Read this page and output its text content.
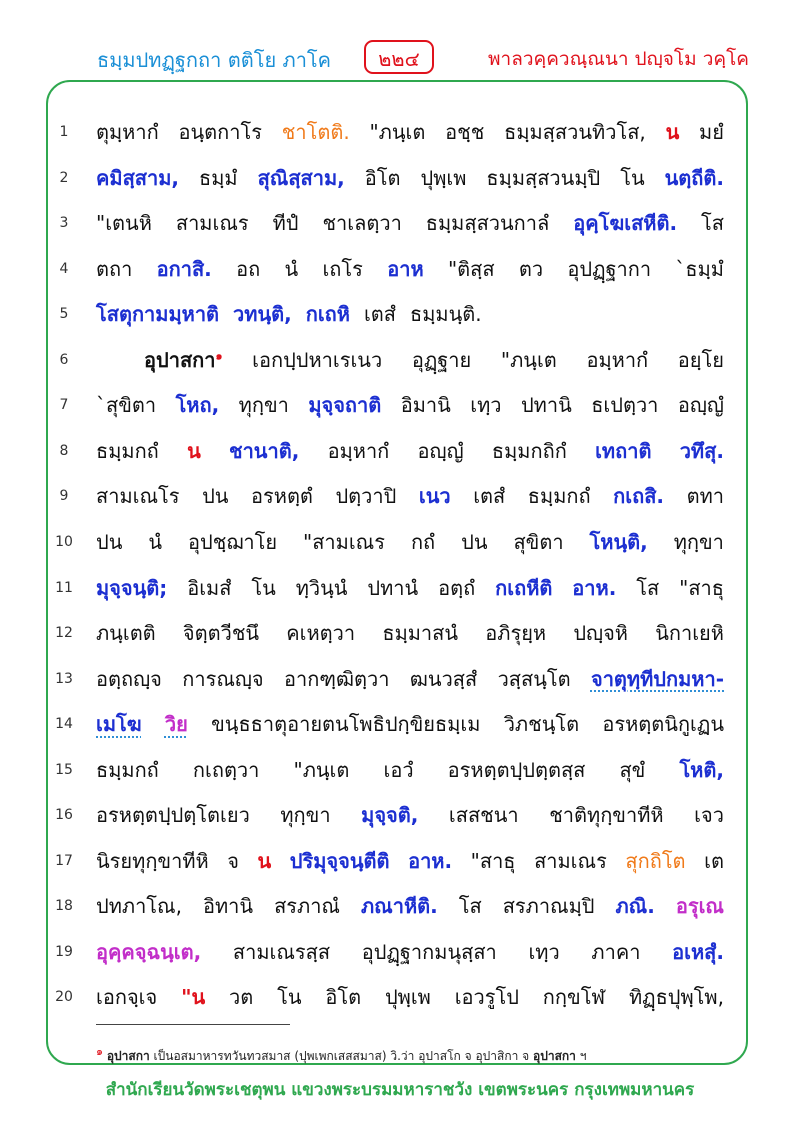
ธมฺมปทฏฺฐกถา ตติโย ภาโค	๒๒๔	พาลวคฺควณฺณนา ปญฺจโม วคฺโค
1	ตุมฺหากํ อนฺตกาโร ชาโตติ. "ภนฺเต อชฺช ธมฺมสฺสวนทิวโส, น มยํ
2	คมิสฺสาม, ธมฺมํ สุณิสฺสาม, อิโต ปุพฺเพ ธมฺมสฺสวนมฺปิ โน นตฺถีติ.
3	"เตนหิ สามเณร ทีปํ ชาเลตฺวา ธมฺมสฺสวนกาลํ อุคฺโฆเสหีติ. โส
4	ตถา อกาสิ. อถ นํ เถโร อาห "ติสฺส ตว อุปฏฺฐากา `ธมฺมํ
5	โสตุกามมฺหาติ วทนฺติ, กเถหิ เตสํ ธมฺมนฺติ.
6	อุปาสกา$^๑$ เอกปฺปหาเรเนว อุฏฺฐาย "ภนฺเต อมฺหากํ อยฺโย
7	`สุขิตา โหถ, ทุกฺขา มุจฺจถาติ อิมานิ เทฺว ปทานิ ธเปตฺวา อญฺญํ
8	ธมฺมกถํ น ชานาติ, อมฺหากํ อญฺญํ ธมฺมกถิกํ เทถาติ วทึสุ.
9	สามเณโร ปน อรหตฺตํ ปตฺวาปิ เนว เตสํ ธมฺมกถํ กเถสิ. ตทา
10	ปน นํ อุปชฺฌาโย "สามเณร กถํ ปน สุขิตา โหนฺติ, ทุกฺขา
11	มุจฺจนฺติ; อิเมสํ โน ทฺวินฺนํ ปทานํ อตฺถํ กเถหีติ อาห. โส "สาธุ
12	ภนฺเตติ จิตฺตวีชนึ คเหตฺวา ธมฺมาสนํ อภิรุยฺห ปญฺจหิ นิกาเยหิ
13	อตฺถญฺจ การณญฺจ อากฑฺฒิตฺวา ฒนวสฺสํ วสฺสนฺโต จาตุทฺทีปกมหา-
14	เมโฆ วิย ขนฺธธาตุอายตนโพธิปกฺขิยธมฺเม วิภชนฺโต อรหตฺตนิกูเฏน
15	ธมฺมกถํ กเถตฺวา "ภนฺเต เอวํ อรหตฺตปฺปตฺตสฺส สุขํ โหติ,
16	อรหตฺตปฺปตฺโตเยว ทุกฺขา มุจฺจติ, เสสชนา ชาติทุกฺขาทีหิ เจว
17	นิรยทุกฺขาทีหิ จ น ปริมุจฺจนฺตีติ อาห. "สาธุ สามเณร สุกถิโต เต
18	ปทภาโณ, อิทานิ สรภาณํ ภณาหีติ. โส สรภาณมฺปิ ภณิ. อรุเณ
19	อุคฺคจฺฉนฺเต, สามเณรสฺส อุปฏฺฐากมนุสฺสา เทฺว ภาคา อเหสุํ.
20	เอกจฺเจ "น วต โน อิโต ปุพฺเพ เอวรูโป กกฺขโฬ ทิฏฺธปุพฺโพ,
$^๑$ อุปาสกา เป็นอสมาหารทวันทวสมาส (ปุพเพกเสสสมาส) วิ.ว่า อุปาสโก จ อุปาสิกา จ อุปาสกา ฯ
สำนักเรียนวัดพระเชตุพน แขวงพระบรมมหาราชวัง เขตพระนคร กรุงเทพมหานคร
